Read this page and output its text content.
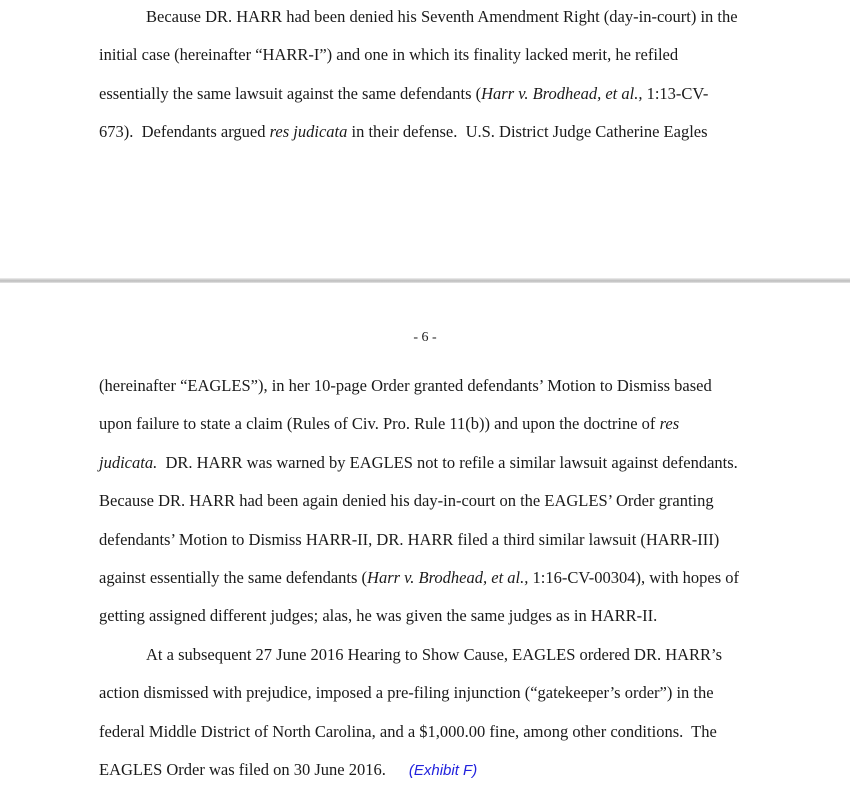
Because DR. HARR had been denied his Seventh Amendment Right (day-in-court) in the
initial case (hereinafter “HARR-I”) and one in which its finality lacked merit, he refiled
essentially the same lawsuit against the same defendants (Harr v. Brodhead, et al., 1:13-CV-
673).  Defendants argued res judicata in their defense.  U.S. District Judge Catherine Eagles
- 6 -
(hereinafter “EAGLES”), in her 10-page Order granted defendants’ Motion to Dismiss based
upon failure to state a claim (Rules of Civ. Pro. Rule 11(b)) and upon the doctrine of res
judicata.  DR. HARR was warned by EAGLES not to refile a similar lawsuit against defendants.
Because DR. HARR had been again denied his day-in-court on the EAGLES’ Order granting
defendants’ Motion to Dismiss HARR-II, DR. HARR filed a third similar lawsuit (HARR-III)
against essentially the same defendants (Harr v. Brodhead, et al., 1:16-CV-00304), with hopes of
getting assigned different judges; alas, he was given the same judges as in HARR-II.
At a subsequent 27 June 2016 Hearing to Show Cause, EAGLES ordered DR. HARR’s
action dismissed with prejudice, imposed a pre-filing injunction (“gatekeeper’s order”) in the
federal Middle District of North Carolina, and a $1,000.00 fine, among other conditions.  The
EAGLES Order was filed on 30 June 2016. (Exhibit F)
